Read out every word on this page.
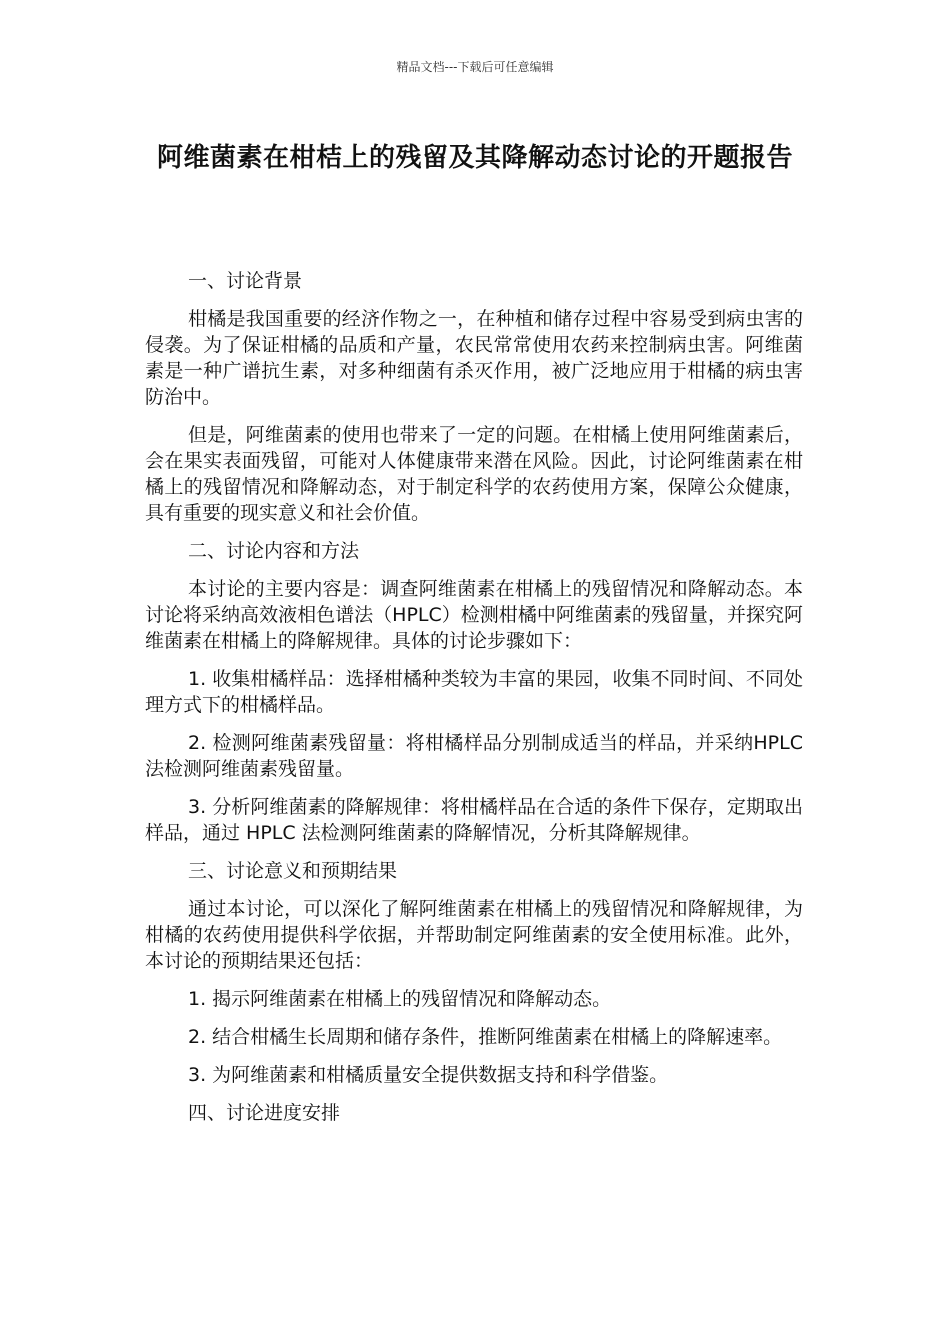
精品文档---下载后可任意编辑
阿维菌素在柑桔上的残留及其降解动态讨论的开题报告
一、讨论背景
柑橘是我国重要的经济作物之一，在种植和储存过程中容易受到病虫害的侵袭。为了保证柑橘的品质和产量，农民常常使用农药来控制病虫害。阿维菌素是一种广谱抗生素，对多种细菌有杀灭作用，被广泛地应用于柑橘的病虫害防治中。
但是，阿维菌素的使用也带来了一定的问题。在柑橘上使用阿维菌素后，会在果实表面残留，可能对人体健康带来潜在风险。因此，讨论阿维菌素在柑橘上的残留情况和降解动态，对于制定科学的农药使用方案，保障公众健康，具有重要的现实意义和社会价值。
二、讨论内容和方法
本讨论的主要内容是：调查阿维菌素在柑橘上的残留情况和降解动态。本讨论将采纳高效液相色谱法（HPLC）检测柑橘中阿维菌素的残留量，并探究阿维菌素在柑橘上的降解规律。具体的讨论步骤如下：
1. 收集柑橘样品：选择柑橘种类较为丰富的果园，收集不同时间、不同处理方式下的柑橘样品。
2. 检测阿维菌素残留量：将柑橘样品分别制成适当的样品，并采纳HPLC 法检测阿维菌素残留量。
3. 分析阿维菌素的降解规律：将柑橘样品在合适的条件下保存，定期取出样品，通过 HPLC 法检测阿维菌素的降解情况，分析其降解规律。
三、讨论意义和预期结果
通过本讨论，可以深化了解阿维菌素在柑橘上的残留情况和降解规律，为柑橘的农药使用提供科学依据，并帮助制定阿维菌素的安全使用标准。此外，本讨论的预期结果还包括：
1. 揭示阿维菌素在柑橘上的残留情况和降解动态。
2. 结合柑橘生长周期和储存条件，推断阿维菌素在柑橘上的降解速率。
3. 为阿维菌素和柑橘质量安全提供数据支持和科学借鉴。
四、讨论进度安排
